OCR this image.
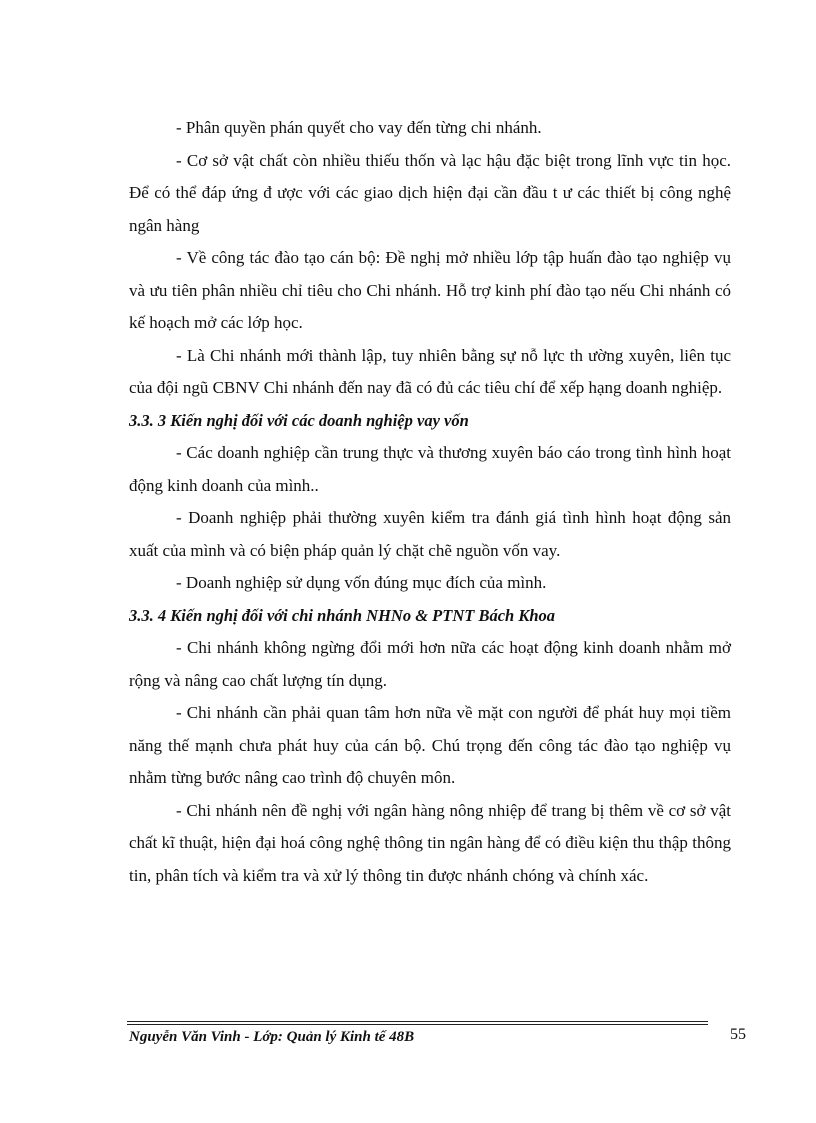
- Phân quyền phán quyết cho vay đến từng chi nhánh.

- Cơ sở vật chất còn nhiều thiếu thốn và lạc hậu đặc biệt trong lĩnh vực tin học. Để có thể đáp ứng đ ược với các giao dịch hiện đại cần đầu t ư các thiết bị công nghệ ngân hàng

- Về công tác đào tạo cán bộ: Đề nghị mở nhiều lớp tập huấn đào tạo nghiệp vụ và ưu tiên phân nhiều chỉ tiêu cho Chi nhánh. Hỗ trợ kinh phí đào tạo nếu Chi nhánh có kế hoạch mở các lớp học.

- Là Chi nhánh mới thành lập, tuy nhiên bằng sự nỗ lực th ường xuyên, liên tục của đội ngũ CBNV Chi nhánh đến nay đã có đủ các tiêu chí để xếp hạng doanh nghiệp.

3.3. 3 Kiến nghị đối với các doanh nghiệp vay vốn

- Các doanh nghiệp cần trung thực và thương xuyên báo cáo trong tình hình hoạt động kinh doanh của mình..

- Doanh nghiệp phải thường xuyên kiểm tra đánh giá tình hình hoạt động sản xuất của mình và có biện pháp quản lý chặt chẽ nguồn vốn vay.

- Doanh nghiệp sử dụng vốn đúng mục đích của mình.

3.3. 4 Kiến nghị đối với chi nhánh NHNo & PTNT Bách Khoa

- Chi nhánh không ngừng đổi mới hơn nữa các hoạt động kinh doanh nhằm mở rộng và nâng cao chất lượng tín dụng.

- Chi nhánh cần phải quan tâm hơn nữa về mặt con người để phát huy mọi tiềm năng thế mạnh chưa phát huy của cán bộ. Chú trọng đến công tác đào tạo nghiệp vụ nhằm từng bước nâng cao trình độ chuyên môn.

- Chi nhánh nên đề nghị với ngân hàng nông nhiệp để trang bị thêm về cơ sở vật chất kĩ thuật, hiện đại hoá công nghệ thông tin ngân hàng để có điều kiện thu thập thông tin, phân tích và kiểm tra và xử lý thông tin được nhánh chóng và chính xác.

Nguyễn Văn Vinh - Lớp: Quản lý Kinh tế 48B	55
